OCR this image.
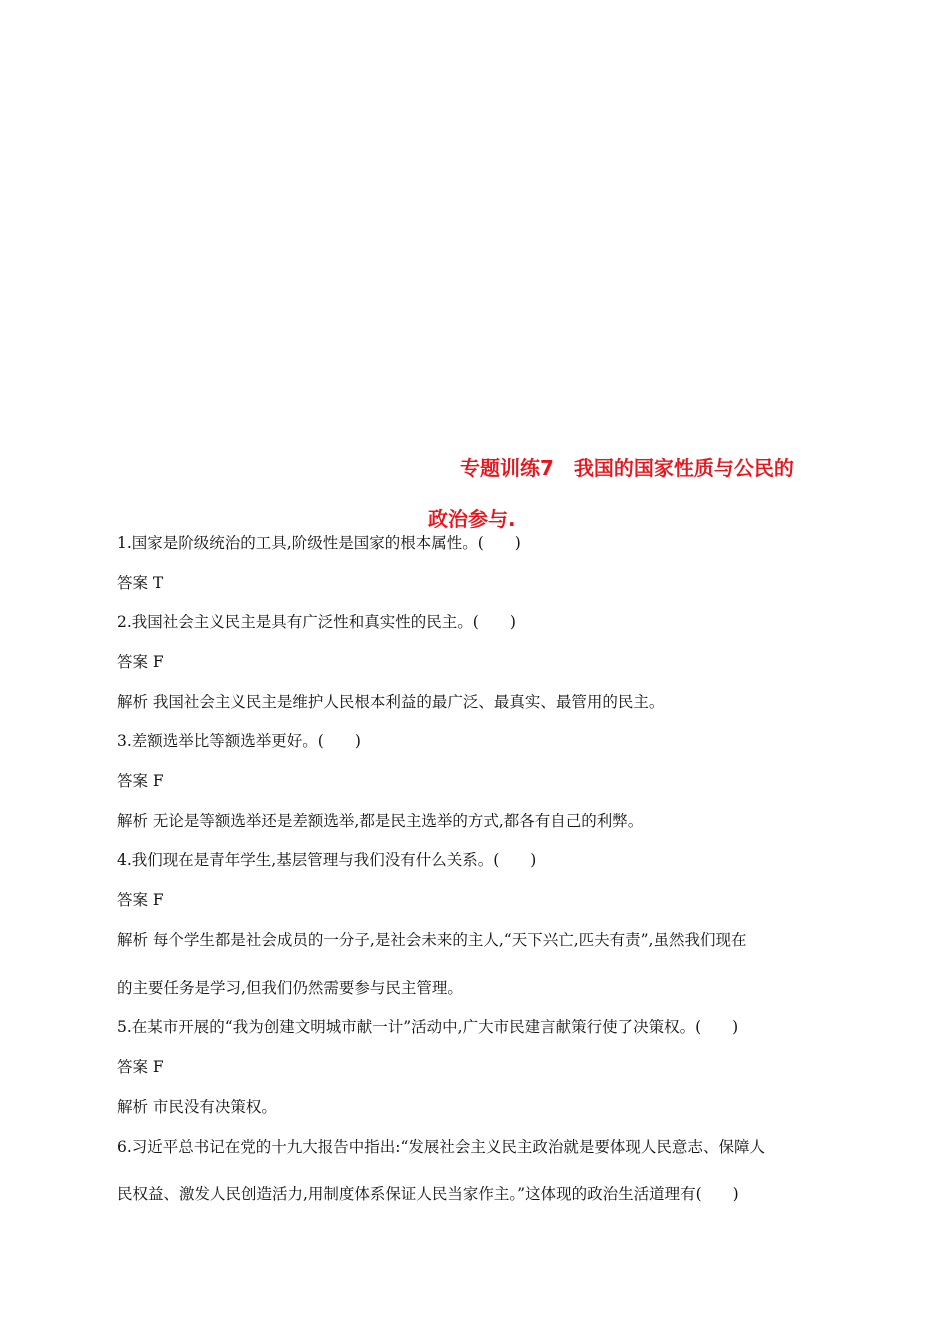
专题训练7　我国的国家性质与公民的
政治参与.
1.国家是阶级统治的工具,阶级性是国家的根本属性。(　　)
答案 T
2.我国社会主义民主是具有广泛性和真实性的民主。(　　)
答案 F
解析 我国社会主义民主是维护人民根本利益的最广泛、最真实、最管用的民主。
3.差额选举比等额选举更好。(　　)
答案 F
解析 无论是等额选举还是差额选举,都是民主选举的方式,都各有自己的利弊。
4.我们现在是青年学生,基层管理与我们没有什么关系。(　　)
答案 F
解析 每个学生都是社会成员的一分子,是社会未来的主人,“天下兴亡,匹夫有责”,虽然我们现在
的主要任务是学习,但我们仍然需要参与民主管理。
5.在某市开展的“我为创建文明城市献一计”活动中,广大市民建言献策行使了决策权。(　　)
答案 F
解析 市民没有决策权。
6.习近平总书记在党的十九大报告中指出:“发展社会主义民主政治就是要体现人民意志、保障人
民权益、激发人民创造活力,用制度体系保证人民当家作主。”这体现的政治生活道理有(　　)
